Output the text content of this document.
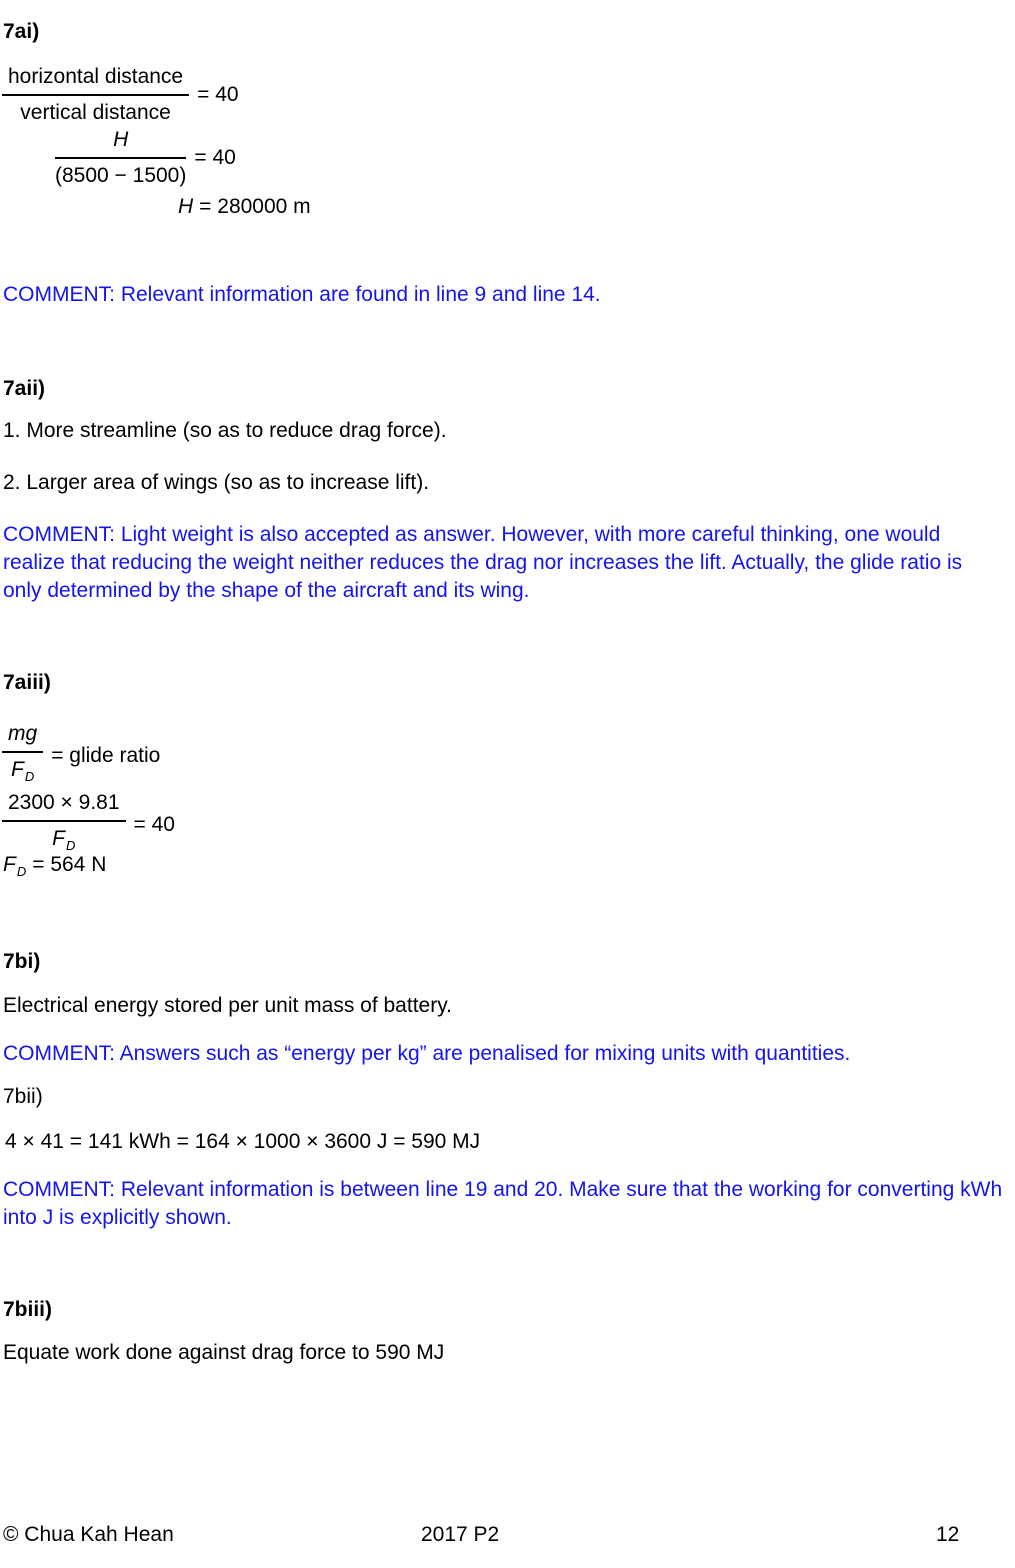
7ai)
$\frac{\text{horizontal distance}}{\text{vertical distance}} = 40$
$\frac{H}{(8500 - 1500)} = 40$
H = 280000 m
COMMENT: Relevant information are found in line 9 and line 14.
7aii)
1. More streamline (so as to reduce drag force).
2. Larger area of wings (so as to increase lift).
COMMENT: Light weight is also accepted as answer. However, with more careful thinking, one would realize that reducing the weight neither reduces the drag nor increases the lift. Actually, the glide ratio is only determined by the shape of the aircraft and its wing.
7aiii)
$\frac{mg}{F_D}$ = glide ratio
$\frac{2300 \times 9.81}{F_D} = 40$
$F_D = 564$ N
7bi)
Electrical energy stored per unit mass of battery.
COMMENT: Answers such as “energy per kg” are penalised for mixing units with quantities.
7bii)
4 × 41 = 141 kWh = 164 × 1000 × 3600 J = 590 MJ
COMMENT: Relevant information is between line 19 and 20. Make sure that the working for converting kWh into J is explicitly shown.
7biii)
Equate work done against drag force to 590 MJ
© Chua Kah Hean	2017 P2	12
